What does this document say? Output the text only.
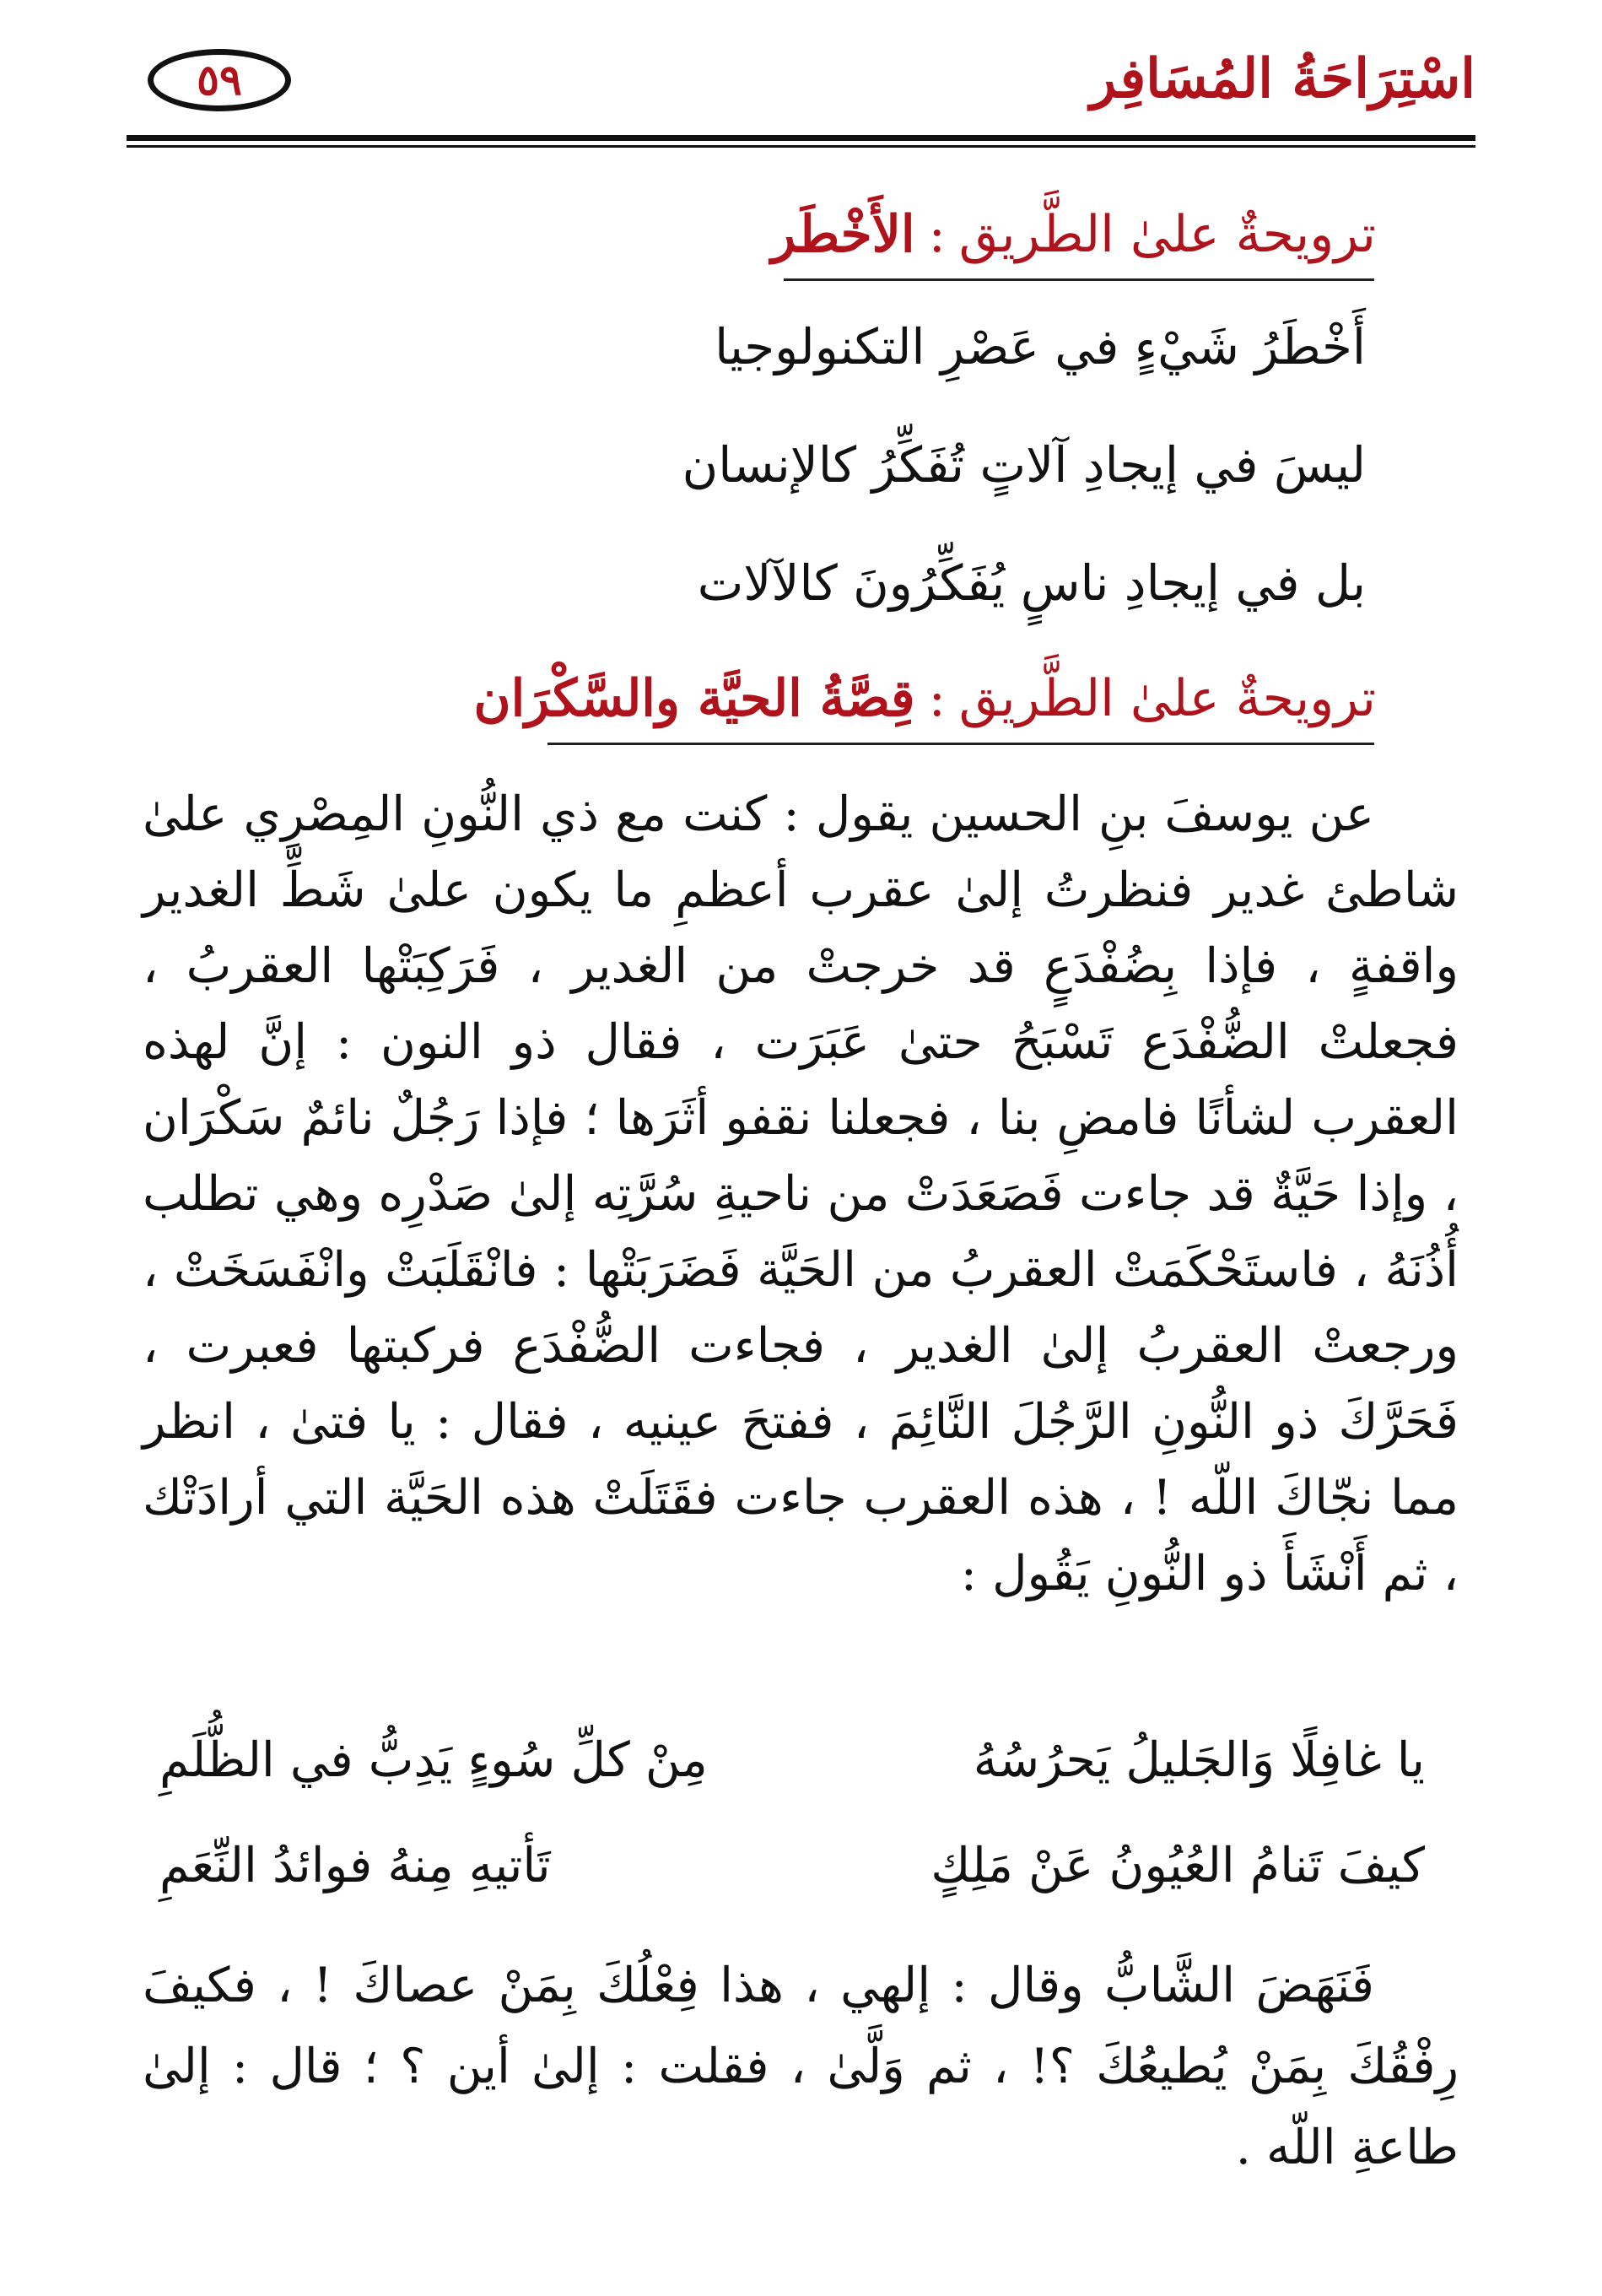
اسْتِرَاحَةُ المُسَافِر
٥٩
ترويحةٌ علىٰ الطَّريق:الأَخْطَر
أَخْطَرُ شَيْءٍ في عَصْرِ التكنولوجيا
ليسَ في إيجادِ آلاتٍ تُفَكِّرُ كالإنسان
بل في إيجادِ ناسٍ يُفَكِّرُونَ كالآلات
ترويحةٌ علىٰ الطَّريق:قِصَّةُ الحيَّة والسَّكْرَان
عن يوسفَ بنِ الحسين يقول : كنت مع ذي النُّونِ المِصْرِي علىٰ شاطئ غدير فنظرتُ إلىٰ عقرب أعظمِ ما يكون علىٰ شَطِّ الغدير واقفةٍ ، فإذا بِضُفْدَعٍ قد خرجتْ من الغدير ، فَرَكِبَتْها العقربُ ، فجعلتْ الضُّفْدَع تَسْبَحُ حتىٰ عَبَرَت ، فقال ذو النون : إنَّ لهذه العقرب لشأنًا فامضِ بنا ، فجعلنا نقفو أثَرَها ؛ فإذا رَجُلٌ نائمٌ سَكْرَان ، وإذا حَيَّةٌ قد جاءت فَصَعَدَتْ من ناحيةِ سُرَّتِه إلىٰ صَدْرِه وهي تطلب أُذُنَهُ ، فاستَحْكَمَتْ العقربُ من الحَيَّة فَضَرَبَتْها : فانْقَلَبَتْ وانْفَسَخَتْ ، ورجعتْ العقربُ إلىٰ الغدير ، فجاءت الضُّفْدَع فركبتها فعبرت ، فَحَرَّكَ ذو النُّونِ الرَّجُلَ النَّائِمَ ، ففتحَ عينيه ، فقال : يا فتىٰ ، انظر مما نجّاكَ اللّه ! ، هذه العقرب جاءت فقَتَلَتْ هذه الحَيَّة التي أرادَتْك ، ثم أَنْشَأَ ذو النُّونِ يَقُول :
يا غافِلًا وَالجَليلُ يَحرُسُهُ
مِنْ كلِّ سُوءٍ يَدِبُّ في الظُّلَمِ
كيفَ تَنامُ العُيُونُ عَنْ مَلِكٍ
تَأتيهِ مِنهُ فوائدُ النِّعَمِ
فَنَهَضَ الشَّابُّ وقال : إلهي ، هذا فِعْلُكَ بِمَنْ عصاكَ ! ، فكيفَ رِفْقُكَ بِمَنْ يُطيعُكَ ؟! ، ثم وَلَّىٰ ، فقلت : إلىٰ أين ؟ ؛ قال : إلىٰ طاعةِ اللّه .
